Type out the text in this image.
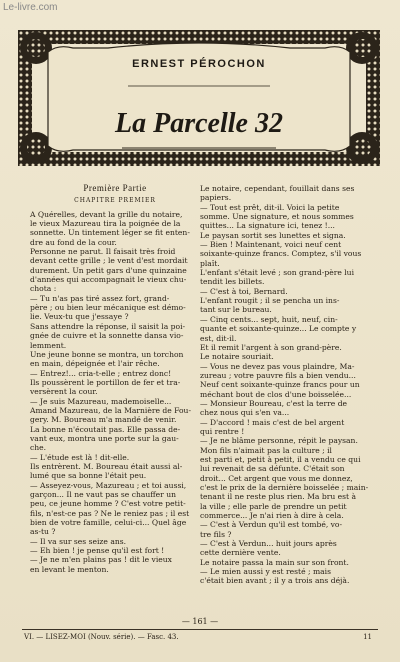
Le-livre.com
ERNEST PÉROCHON
La Parcelle 32
Première Partie
CHAPITRE PREMIER

A Quérelles, devant la grille du notaire,

le vieux Mazureau tira la poignée de la

sonnette. Un tintement léger se fit enten-

dre au fond de la cour.

Personne ne parut. Il faisait très froid

devant cette grille ; le vent d'est mordait

durement. Un petit gars d'une quinzaine

d'années qui accompagnait le vieux chu-

chota :

— Tu n'as pas tiré assez fort, grand-

père ; ou bien leur mécanique est démo-

lie. Veux-tu que j'essaye ?

Sans attendre la réponse, il saisit la poi-

gnée de cuivre et la sonnette dansa vio-

lemment.

Une jeune bonne se montra, un torchon

en main, dépeignée et l'air rêche.

— Entrez!... cria-t-elle ; entrez donc!

Ils poussèrent le portillon de fer et tra-

versèrent la cour.

— Je suis Mazureau, mademoiselle...

Amand Mazureau, de la Marnière de Fou-

gery. M. Boureau m'a mandé de venir.

La bonne n'écoutait pas. Elle passa de-

vant eux, montra une porte sur la gau-

che.

— L'étude est là ! dit-elle.

Ils entrèrent. M. Boureau était aussi al-

lumé que sa bonne l'était peu.

— Asseyez-vous, Mazureau ; et toi aussi,

garçon... Il ne vaut pas se chauffer un

peu, ce jeune homme ? C'est votre petit-

fils, n'est-ce pas ? Ne le reniez pas ; il est

bien de votre famille, celui-ci... Quel âge

as-tu ?

— Il va sur ses seize ans.

— Eh bien ! je pense qu'il est fort !

— Je ne m'en plains pas ! dit le vieux

en levant le menton.

Le notaire, cependant, fouillait dans ses

papiers.

— Tout est prêt, dit-il. Voici la petite

somme. Une signature, et nous sommes

quittes... La signature ici, tenez !...

Le paysan sortit ses lunettes et signa.

— Bien ! Maintenant, voici neuf cent

soixante-quinze francs. Comptez, s'il vous

plaît.

L'enfant s'était levé ; son grand-père lui

tendit les billets.

— C'est à toi, Bernard.

L'enfant rougit ; il se pencha un ins-

tant sur le bureau.

— Cinq cents... sept, huit, neuf, cin-

quante et soixante-quinze... Le compte y

est, dit-il.

Et il remit l'argent à son grand-père.

Le notaire souriait.

— Vous ne devez pas vous plaindre, Ma-

zureau ; votre pauvre fils a bien vendu...

Neuf cent soixante-quinze francs pour un

méchant bout de clos d'une boisselée...

— Monsieur Boureau, c'est la terre de

chez nous qui s'en va...

— D'accord ! mais c'est de bel argent

qui rentre !

— Je ne blâme personne, répit le paysan.

Mon fils n'aimait pas la culture ; il

est parti et, petit à petit, il a vendu ce qui

lui revenait de sa défunte. C'était son

droit... Cet argent que vous me donnez,

c'est le prix de la dernière boisselée ; main-

tenant il ne reste plus rien. Ma bru est à

la ville ; elle parle de prendre un petit

commerce... Je n'ai rien à dire à cela.

— C'est à Verdun qu'il est tombé, vo-

tre fils ?

— C'est à Verdun... huit jours après

cette dernière vente.

Le notaire passa la main sur son front.

— Le mien aussi y est resté ; mais

c'était bien avant ; il y a trois ans déjà.

— 161 —
VI. — LISEZ-MOI (Nouv. série). — Fasc. 43.	11
